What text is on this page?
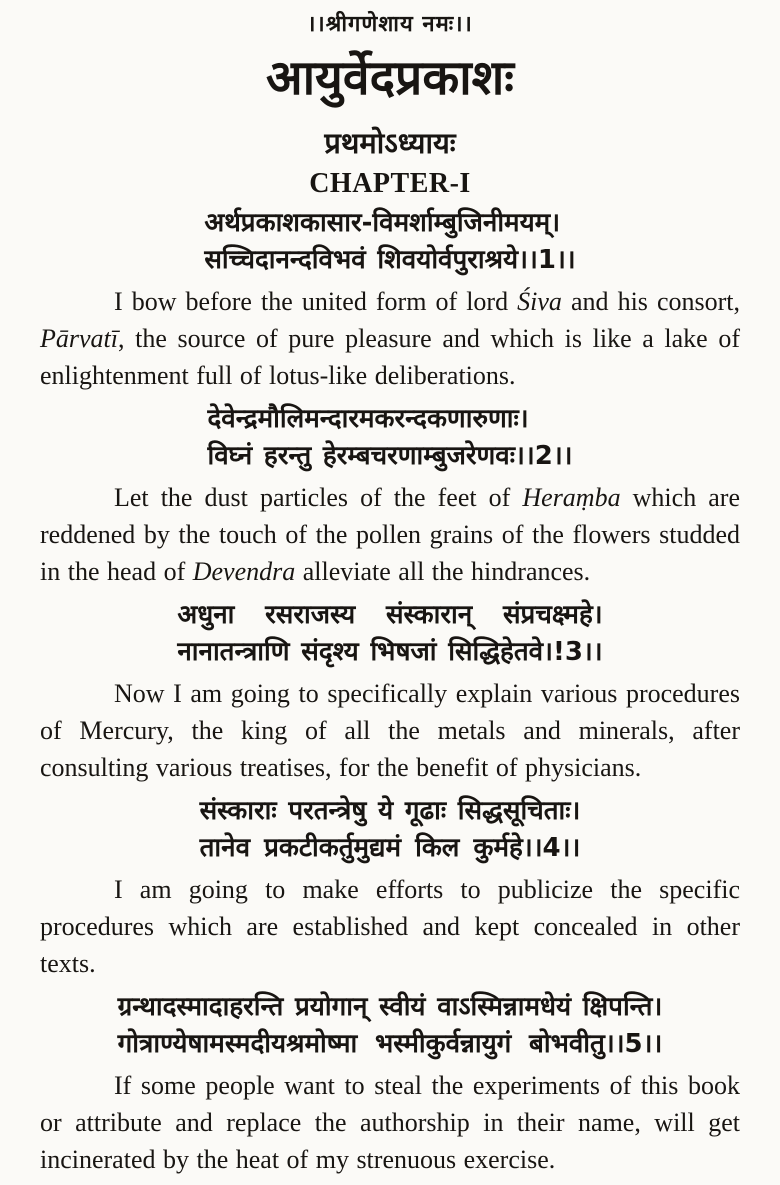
।।श्रीगणेशाय नमः।।
आयुर्वेदप्रकाशः
प्रथमोऽध्यायः
CHAPTER-I
अर्थप्रकाशकासार-विमर्शाम्बुजिनीमयम्।
सच्चिदानन्दविभवं शिवयोर्वपुराश्रये।।1।।

I bow before the united form of lord Śiva and his consort, Pārvatī, the source of pure pleasure and which is like a lake of enlightenment full of lotus-like deliberations.

देवेन्द्रमौलिमन्दारमकरन्दकणारुणाः।
विघ्नं हरन्तु हेरम्बचरणाम्बुजरेणवः।।2।।

Let the dust particles of the feet of Heraṃba which are reddened by the touch of the pollen grains of the flowers studded in the head of Devendra alleviate all the hindrances.

अधुना रसराजस्य संस्कारान् संप्रचक्ष्महे।
नानातन्त्राणि संदृश्य भिषजां सिद्धिहेतवे।!3।।

Now I am going to specifically explain various procedures of Mercury, the king of all the metals and minerals, after consulting various treatises, for the benefit of physicians.

संस्काराः परतन्त्रेषु ये गूढाः सिद्धसूचिताः।
तानेव प्रकटीकर्तुमुद्यमं किल कुर्महे।।4।।

I am going to make efforts to publicize the specific procedures which are established and kept concealed in other texts.

ग्रन्थादस्मादाहरन्ति प्रयोगान् स्वीयं वाऽस्मिन्नामधेयं क्षिपन्ति।
गोत्राण्येषामस्मदीयश्रमोष्मा भस्मीकुर्वन्नायुगं बोभवीतु।।5।।

If some people want to steal the experiments of this book or attribute and replace the authorship in their name, will get incinerated by the heat of my strenuous exercise.
